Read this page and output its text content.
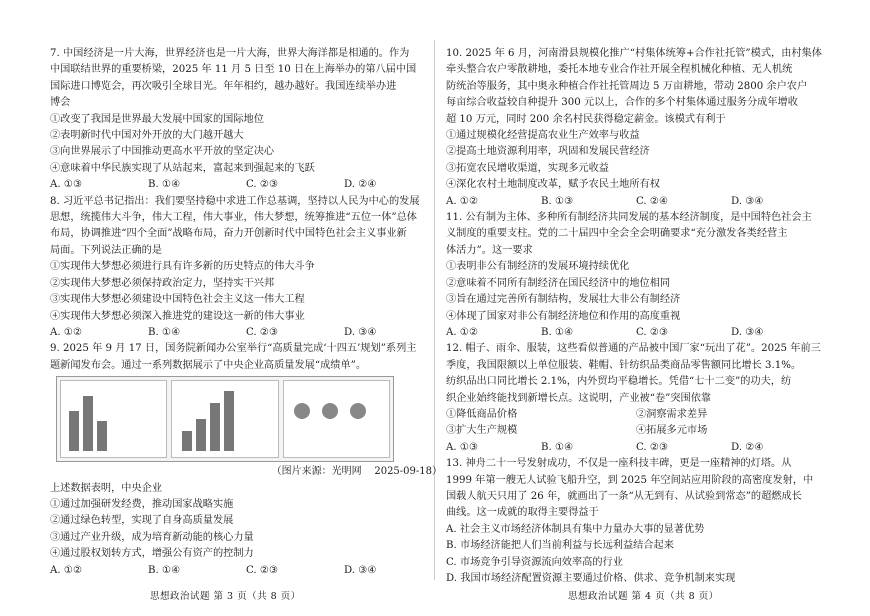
7. 中国经济是一片大海，世界经济也是一片大海，世界大海洋都是相通的。作为

中国联结世界的重要桥梁，2025 年 11 月 5 日至 10 日在上海举办的第八届中国

国际进口博览会，再次吸引全球目光。年年相约，越办越好。我国连续举办进

博会

①改变了我国是世界最大发展中国家的国际地位

②表明新时代中国对外开放的大门越开越大

③向世界展示了中国推动更高水平开放的坚定决心

④意味着中华民族实现了从站起来，富起来到强起来的飞跃

A. ①③	B. ①④	C. ②③	D. ②④

8. 习近平总书记指出：我们要坚持稳中求进工作总基调，坚持以人民为中心的发展

思想，统揽伟大斗争，伟大工程，伟大事业，伟大梦想，统筹推进“五位一体”总体

布局，协调推进“四个全面”战略布局，奋力开创新时代中国特色社会主义事业新

局面。下列说法正确的是

①实现伟大梦想必须进行具有许多新的历史特点的伟大斗争

②实现伟大梦想必须保持政治定力，坚持实干兴邦

③实现伟大梦想必须建设中国特色社会主义这一伟大工程

④实现伟大梦想必须深入推进党的建设这一新的伟大事业

A. ①②	B. ①④	C. ②③	D. ③④

9. 2025 年 9 月 17 日，国务院新闻办公室举行“高质量完成‘十四五’规划”系列主

题新闻发布会。通过一系列数据展示了中央企业高质量发展“成绩单”。

（图片来源：光明网    2025-09-18）

上述数据表明，中央企业

①通过加强研发经费，推动国家战略实施

②通过绿色转型，实现了自身高质量发展

③通过产业升级，成为培育新动能的核心力量

④通过股权划转方式，增强公有资产的控制力

A. ①②	B. ①④	C. ②③	D. ③④
思想政治试题 第 3 页（共 8 页）

10. 2025 年 6 月，河南滑县规模化推广“村集体统筹+合作社托管”模式，由村集体

牵头整合农户零散耕地，委托本地专业合作社开展全程机械化种植、无人机统

防统治等服务，其中奥永种植合作社托管周边 5 万亩耕地，带动 2800 余户农户

每亩综合收益较自种提升 300 元以上，合作的多个村集体通过服务分成年增收

超 10 万元，同时 200 余名村民获得稳定薪金。该模式有利于

①通过规模化经营提高农业生产效率与收益

②提高土地资源利用率，巩固和发展民营经济

③拓宽农民增收渠道，实现多元收益

④深化农村土地制度改革，赋予农民土地所有权

A. ①②	B. ①③	C. ②④	D. ③④

11. 公有制为主体、多种所有制经济共同发展的基本经济制度，是中国特色社会主

义制度的重要支柱。党的二十届四中全会全会明确要求“充分激发各类经营主

体活力”。这一要求

①表明非公有制经济的发展环境持续优化

②意味着不同所有制经济在国民经济中的地位相同

③旨在通过完善所有制结构，发展壮大非公有制经济

④体现了国家对非公有制经济地位和作用的高度重视

A. ①②	B. ①④	C. ②③	D. ③④

12. 帽子、雨伞、服装，这些看似普通的产品被中国厂家“玩出了花”。2025 年前三

季度，我国限额以上单位服装、鞋帽、针纺织品类商品零售额同比增长 3.1%。

纺织品出口同比增长 2.1%，内外贸均平稳增长。凭借“七十二变”的功夫，纺

织企业始终能找到新增长点。这说明，产业被“卷”突围依靠

①降低商品价格	②洞察需求差异
③扩大生产规模	④拓展多元市场
A. ①③	B. ①④	C. ②③	D. ②④

13. 神舟二十一号发射成功，不仅是一座科技丰碑，更是一座精神的灯塔。从

1999 年第一艘无人试验飞船升空，到 2025 年空间站应用阶段的高密度发射，中

国载人航天只用了 26 年，就画出了一条“从无到有、从试验到常态”的超燃成长

曲线。这一成就的取得主要得益于

A. 社会主义市场经济体制具有集中力量办大事的显著优势

B. 市场经济能把人们当前利益与长远利益结合起来

C. 市场竞争引导资源流向效率高的行业

D. 我国市场经济配置资源主要通过价格、供求、竞争机制来实现

思想政治试题 第 4 页（共 8 页）
